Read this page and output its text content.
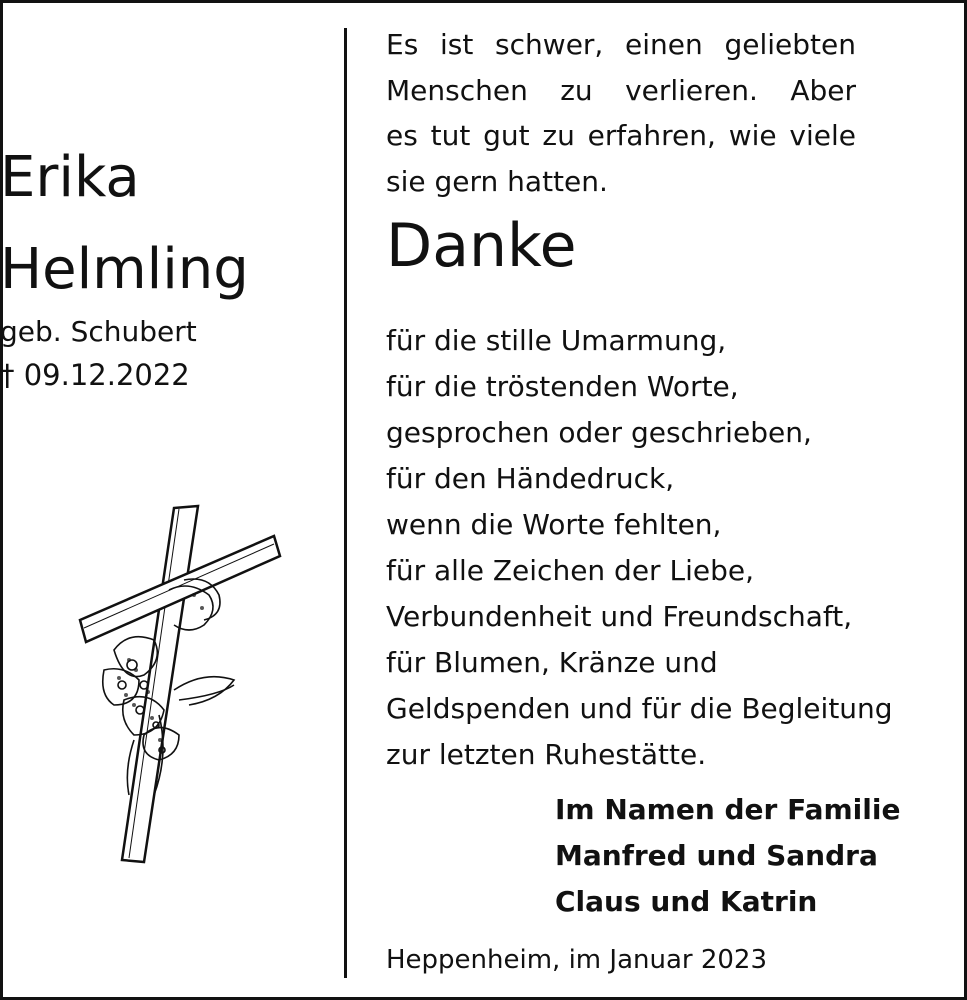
Erika
Helmling
geb. Schubert
† 09.12.2022
Es ist schwer, einen geliebten
Menschen zu verlieren. Aber
es tut gut zu erfahren, wie viele
sie gern hatten.
Danke
für die stille Umarmung,
für die tröstenden Worte,
gesprochen oder geschrieben,
für den Händedruck,
wenn die Worte fehlten,
für alle Zeichen der Liebe,
Verbundenheit und Freundschaft,
für Blumen, Kränze und
Geldspenden und für die Begleitung
zur letzten Ruhestätte.
Im Namen der Familie
Manfred und Sandra
Claus und Katrin
Heppenheim, im Januar 2023
